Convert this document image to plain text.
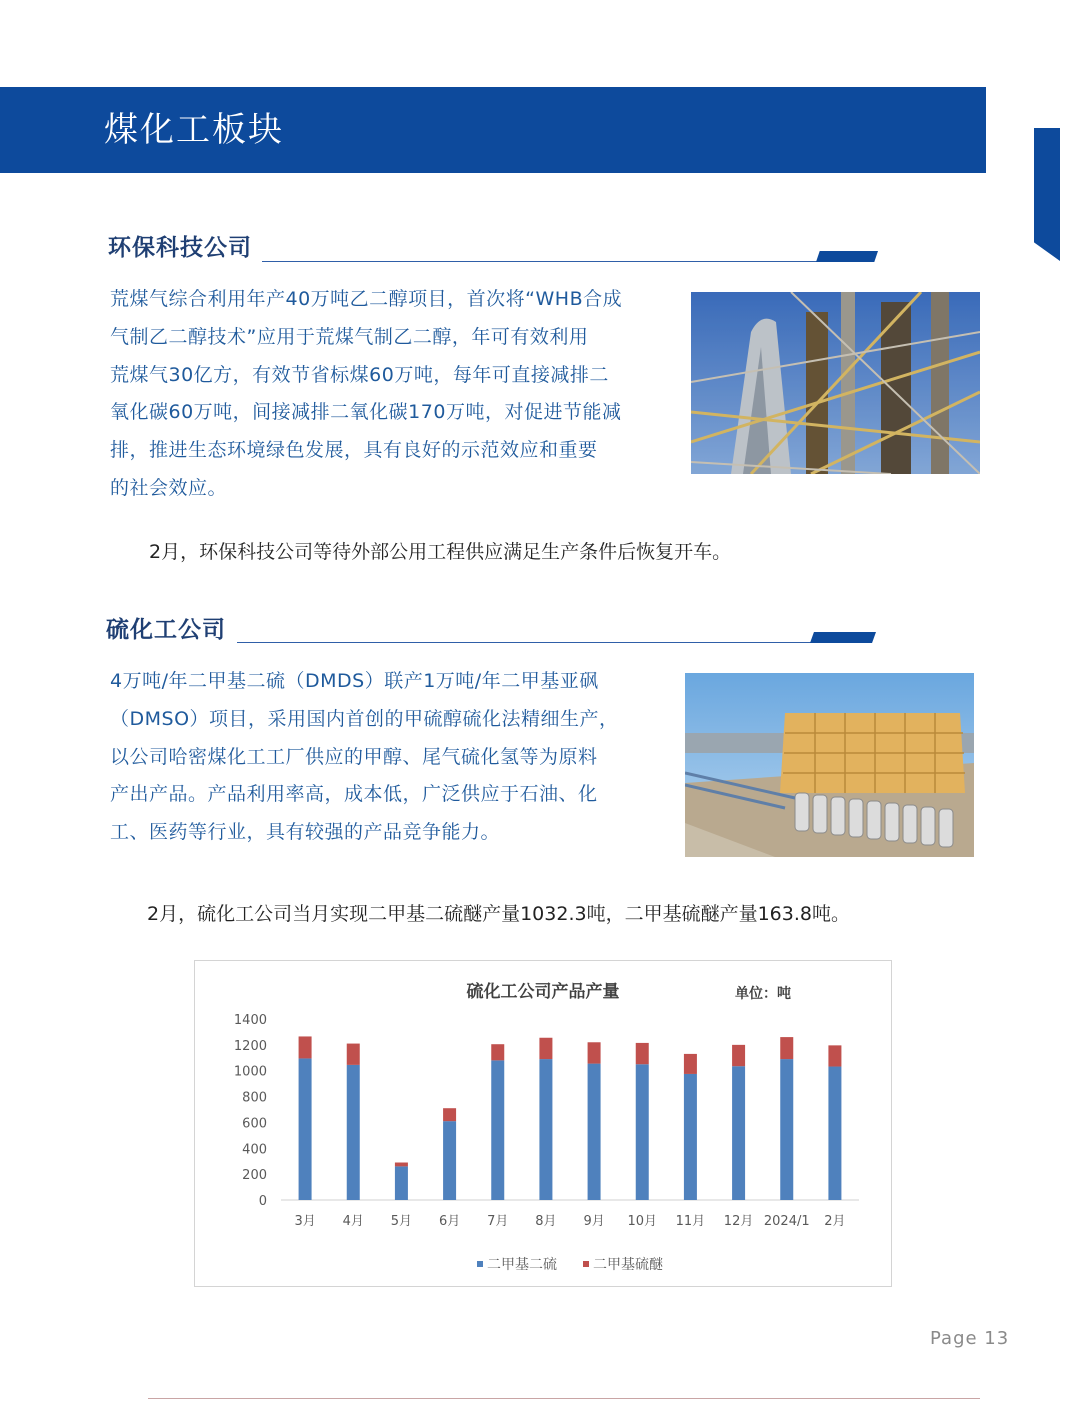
煤化工板块
环保科技公司
荒煤气综合利用年产40万吨乙二醇项目，首次将“WHB合成
气制乙二醇技术”应用于荒煤气制乙二醇，年可有效利用
荒煤气30亿方，有效节省标煤60万吨，每年可直接减排二
氧化碳60万吨，间接减排二氧化碳170万吨，对促进节能减
排，推进生态环境绿色发展，具有良好的示范效应和重要
的社会效应。
2月，环保科技公司等待外部公用工程供应满足生产条件后恢复开车。
硫化工公司
4万吨/年二甲基二硫（DMDS）联产1万吨/年二甲基亚砜
（DMSO）项目，采用国内首创的甲硫醇硫化法精细生产，
以公司哈密煤化工工厂供应的甲醇、尾气硫化氢等为原料
产出产品。产品利用率高，成本低，广泛供应于石油、化
工、医药等行业，具有较强的产品竞争能力。
2月，硫化工公司当月实现二甲基二硫醚产量1032.3吨，二甲基硫醚产量163.8吨。
硫化工公司产品产量	单位：吨
0
200
400
600
800
1000
1200
1400
3月 4月 5月 6月 7月 8月 9月 10月 11月 12月 2024/1 2月
二甲基二硫	二甲基硫醚
Page 13
